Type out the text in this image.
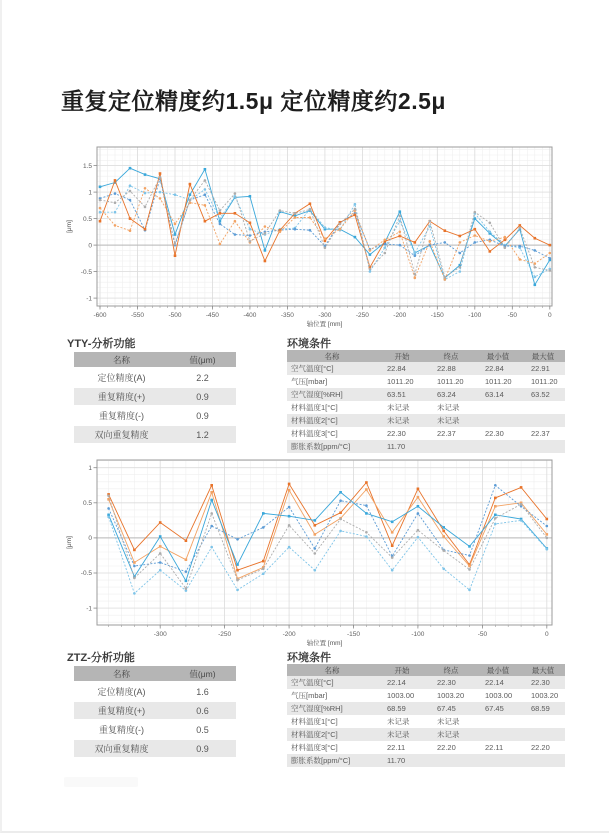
重复定位精度约1.5μ 定位精度约2.5μ
-600	-550	-500	-450	-400	-350	-300	-250	-200	-150	-100	-50	0
1.5
1
0.5
0
-0.5
-1
轴位置 [mm]
[μm]
YTY-分析功能	环境条件
名称	值(μm)
定位精度(A)	2.2
重复精度(+)	0.9
重复精度(-)	0.9
双向重复精度	1.2
名称	开始	终点	最小值	最大值
空气温度[°C]	22.84	22.88	22.84	22.91
气压[mbar]	1011.20	1011.20	1011.20	1011.20
空气湿度[%RH]	63.51	63.24	63.14	63.52
材料温度1[°C]	未记录	未记录		
材料温度2[°C]	未记录	未记录		
材料温度3[°C]	22.30	22.37	22.30	22.37
膨胀系数[ppm/°C]	11.70			
-300	-250	-200	-150	-100	-50	0
1
0.5
0
-0.5
-1
轴位置 [mm]
[μm]
ZTZ-分析功能	环境条件
名称	值(μm)
定位精度(A)	1.6
重复精度(+)	0.6
重复精度(-)	0.5
双向重复精度	0.9
名称	开始	终点	最小值	最大值
空气温度[°C]	22.14	22.30	22.14	22.30
气压[mbar]	1003.00	1003.20	1003.00	1003.20
空气湿度[%RH]	68.59	67.45	67.45	68.59
材料温度1[°C]	未记录	未记录		
材料温度2[°C]	未记录	未记录		
材料温度3[°C]	22.11	22.20	22.11	22.20
膨胀系数[ppm/°C]	11.70			
